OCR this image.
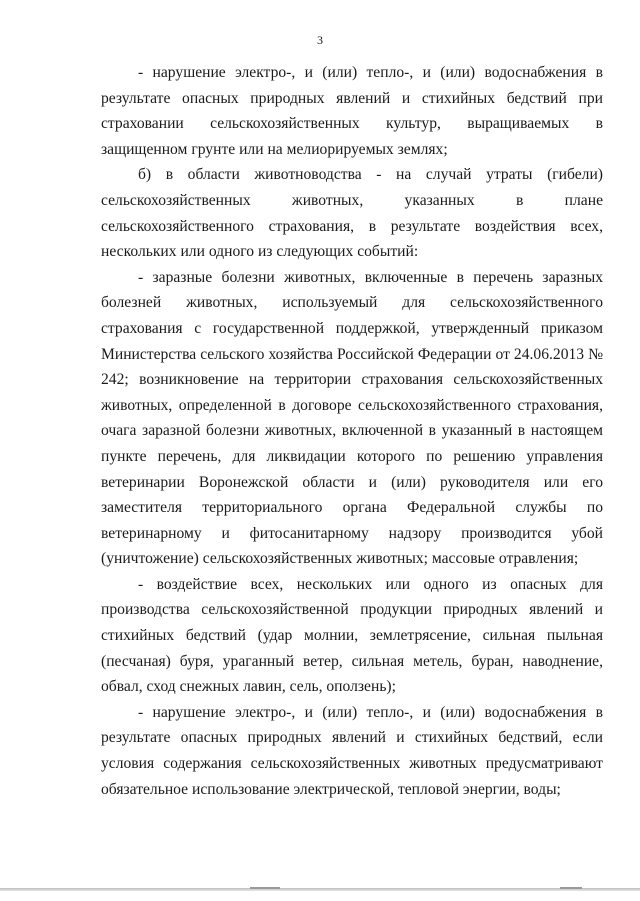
3

- нарушение электро-, и (или) тепло-, и (или) водоснабжения в результате опасных природных явлений и стихийных бедствий при страховании сельскохозяйственных культур, выращиваемых в защищенном грунте или на мелиорируемых землях;

б) в области животноводства - на случай утраты (гибели) сельскохозяйственных животных, указанных в плане сельскохозяйственного страхования, в результате воздействия всех, нескольких или одного из следующих событий:

- заразные болезни животных, включенные в перечень заразных болезней животных, используемый для сельскохозяйственного страхования с государственной поддержкой, утвержденный приказом Министерства сельского хозяйства Российской Федерации от 24.06.2013 № 242; возникновение на территории страхования сельскохозяйственных животных, определенной в договоре сельскохозяйственного страхования, очага заразной болезни животных, включенной в указанный в настоящем пункте перечень, для ликвидации которого по решению управления ветеринарии Воронежской области и (или) руководителя или его заместителя территориального органа Федеральной службы по ветеринарному и фитосанитарному надзору производится убой (уничтожение) сельскохозяйственных животных; массовые отравления;

- воздействие всех, нескольких или одного из опасных для производства сельскохозяйственной продукции природных явлений и стихийных бедствий (удар молнии, землетрясение, сильная пыльная (песчаная) буря, ураганный ветер, сильная метель, буран, наводнение, обвал, сход снежных лавин, сель, оползень);

- нарушение электро-, и (или) тепло-, и (или) водоснабжения в результате опасных природных явлений и стихийных бедствий, если условия содержания сельскохозяйственных животных предусматривают обязательное использование электрической, тепловой энергии, воды;
